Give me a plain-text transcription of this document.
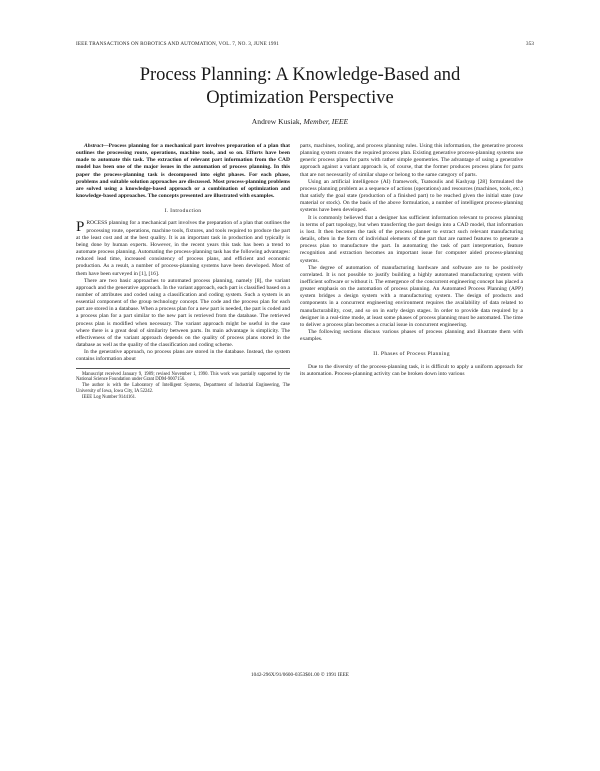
IEEE TRANSACTIONS ON ROBOTICS AND AUTOMATION, VOL. 7, NO. 3, JUNE 1991	353
Process Planning: A Knowledge-Based and
Optimization Perspective
Andrew Kusiak, Member, IEEE

Abstract—Process planning for a mechanical part involves preparation of a plan that outlines the processing route, operations, machine tools, and so on. Efforts have been made to automate this task. The extraction of relevant part information from the CAD model has been one of the major issues in the automation of process planning. In this paper the process-planning task is decomposed into eight phases. For each phase, problems and suitable solution approaches are discussed. Most process-planning problems are solved using a knowledge-based approach or a combination of optimization and knowledge-based approaches. The concepts presented are illustrated with examples.

I. Introduction

PROCESS planning for a mechanical part involves the preparation of a plan that outlines the processing route, operations, machine tools, fixtures, and tools required to produce the part at the least cost and at the best quality. It is an important task in production and typically is being done by human experts. However, in the recent years this task has been a trend to automate process planning. Automating the process-planning task has the following advantages: reduced lead time, increased consistency of process plans, and efficient and economic production. As a result, a number of process-planning systems have been developed. Most of them have been surveyed in [1], [16].

There are two basic approaches to automated process planning, namely [8], the variant approach and the generative approach. In the variant approach, each part is classified based on a number of attributes and coded using a classification and coding system. Such a system is an essential component of the group technology concept. The code and the process plan for each part are stored in a database. When a process plan for a new part is needed, the part is coded and a process plan for a part similar to the new part is retrieved from the database. The retrieved process plan is modified when necessary. The variant approach might be useful in the case where there is a great deal of similarity between parts. Its main advantage is simplicity. The effectiveness of the variant approach depends on the quality of process plans stored in the database as well as the quality of the classification and coding scheme.

In the generative approach, no process plans are stored in the database. Instead, the system contains information about

Manuscript received January 9, 1989; revised November 1, 1990. This work was partially supported by the National Science Foundation under Grant DDM-9007156.

The author is with the Laboratory of Intelligent Systems, Department of Industrial Engineering, The University of Iowa, Iowa City, IA 52242.

IEEE Log Number 9144161.

parts, machines, tooling, and process planning rules. Using this information, the generative process planning system creates the required process plan. Existing generative process-planning systems use generic process plans for parts with rather simple geometries. The advantage of using a generative approach against a variant approach is, of course, that the former produces process plans for parts that are not necessarily of similar shape or belong to the same category of parts.

Using an artificial intelligence (AI) framework, Tsatsoulis and Kashyap [28] formulated the process planning problem as a sequence of actions (operations) and resources (machines, tools, etc.) that satisfy the goal state (production of a finished part) to be reached given the initial state (raw material or stock). On the basis of the above formulation, a number of intelligent process-planning systems have been developed.

It is commonly believed that a designer has sufficient information relevant to process planning in terms of part topology, but when transferring the part design into a CAD model, that information is lost. It then becomes the task of the process planner to extract such relevant manufacturing details, often in the form of individual elements of the part that are named features to generate a process plan to manufacture the part. In automating the task of part interpretation, feature recognition and extraction becomes an important issue for computer aided process-planning systems.

The degree of automation of manufacturing hardware and software are to be positively correlated. It is not possible to justify building a highly automated manufacturing system with inefficient software or without it. The emergence of the concurrent engineering concept has placed a greater emphasis on the automation of process planning. An Automated Process Planning (APP) system bridges a design system with a manufacturing system. The design of products and components in a concurrent engineering environment requires the availability of data related to manufacturability, cost, and so on in early design stages. In order to provide data required by a designer in a real-time mode, at least some phases of process planning must be automated. The time to deliver a process plan becomes a crucial issue in concurrent engineering.

The following sections discuss various phases of process planning and illustrate them with examples.

II. Phases of Process Planning

Due to the diversity of the process-planning task, it is difficult to apply a uniform approach for its automation. Process-planning activity can be broken down into various

1042-296X/91/0600-0353$01.00 © 1991 IEEE
